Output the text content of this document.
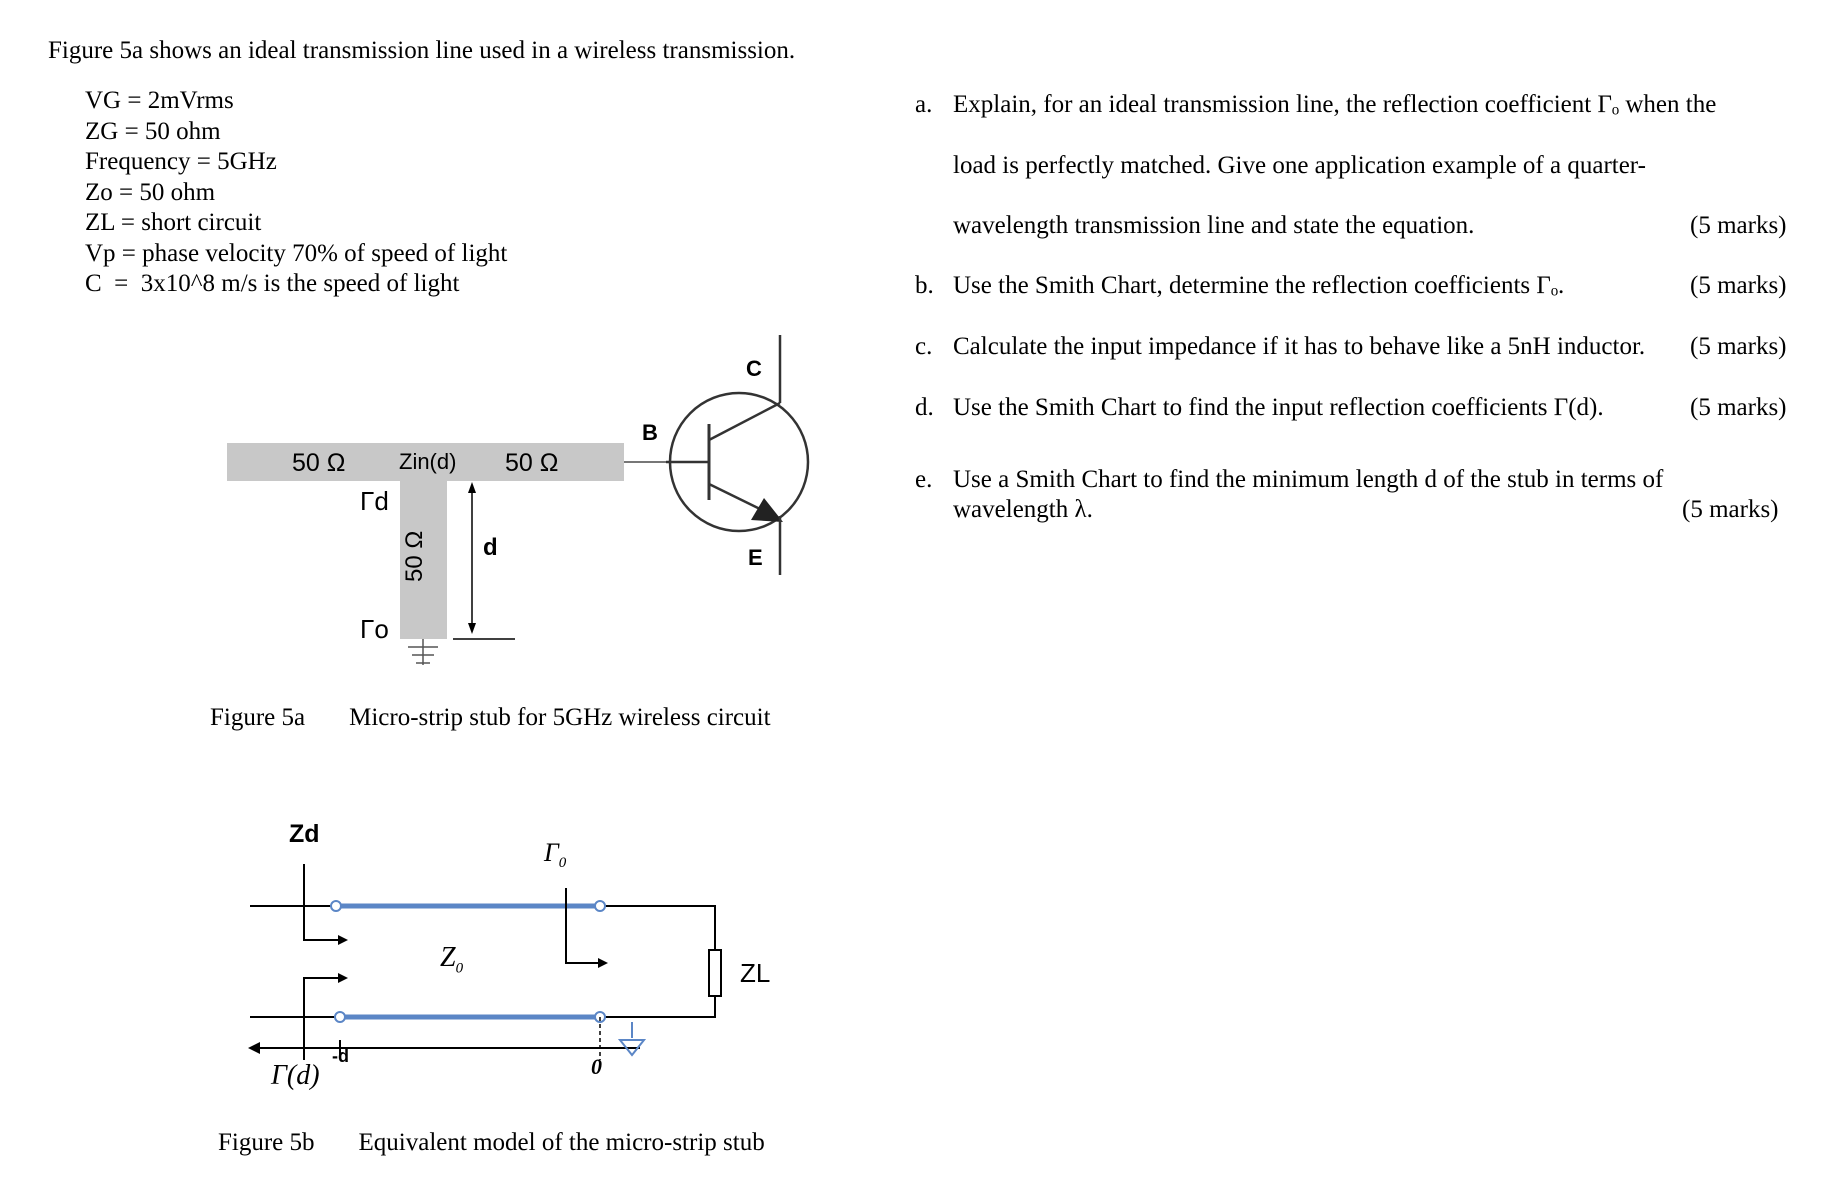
Figure 5a shows an ideal transmission line used in a wireless transmission.
VG = 2mVrms
ZG = 50 ohm
Frequency = 5GHz
Zo = 50 ohm
ZL = short circuit
Vp = phase velocity 70% of speed of light
C  =  3x10^8 m/s is the speed of light
50 Ω Zin(d) 50 Ω
Γd
50 Ω d
Γo
B
C
E
Figure 5a Micro-strip stub for 5GHz wireless circuit
Zd
$\Gamma_0$
$Z_0$	ZL
-d
Γ(d)	0
Figure 5b Equivalent model of the micro-strip stub
a. Explain, for an ideal transmission line, the reflection coefficient Γₒ when the
load is perfectly matched. Give one application example of a quarter-
wavelength transmission line and state the equation.	(5 marks)
b. Use the Smith Chart, determine the reflection coefficients Γₒ.	(5 marks)
c. Calculate the input impedance if it has to behave like a 5nH inductor. (5 marks)
d. Use the Smith Chart to find the input reflection coefficients Γ(d).	(5 marks)
e. Use a Smith Chart to find the minimum length d of the stub in terms of
wavelength λ.	(5 marks)
